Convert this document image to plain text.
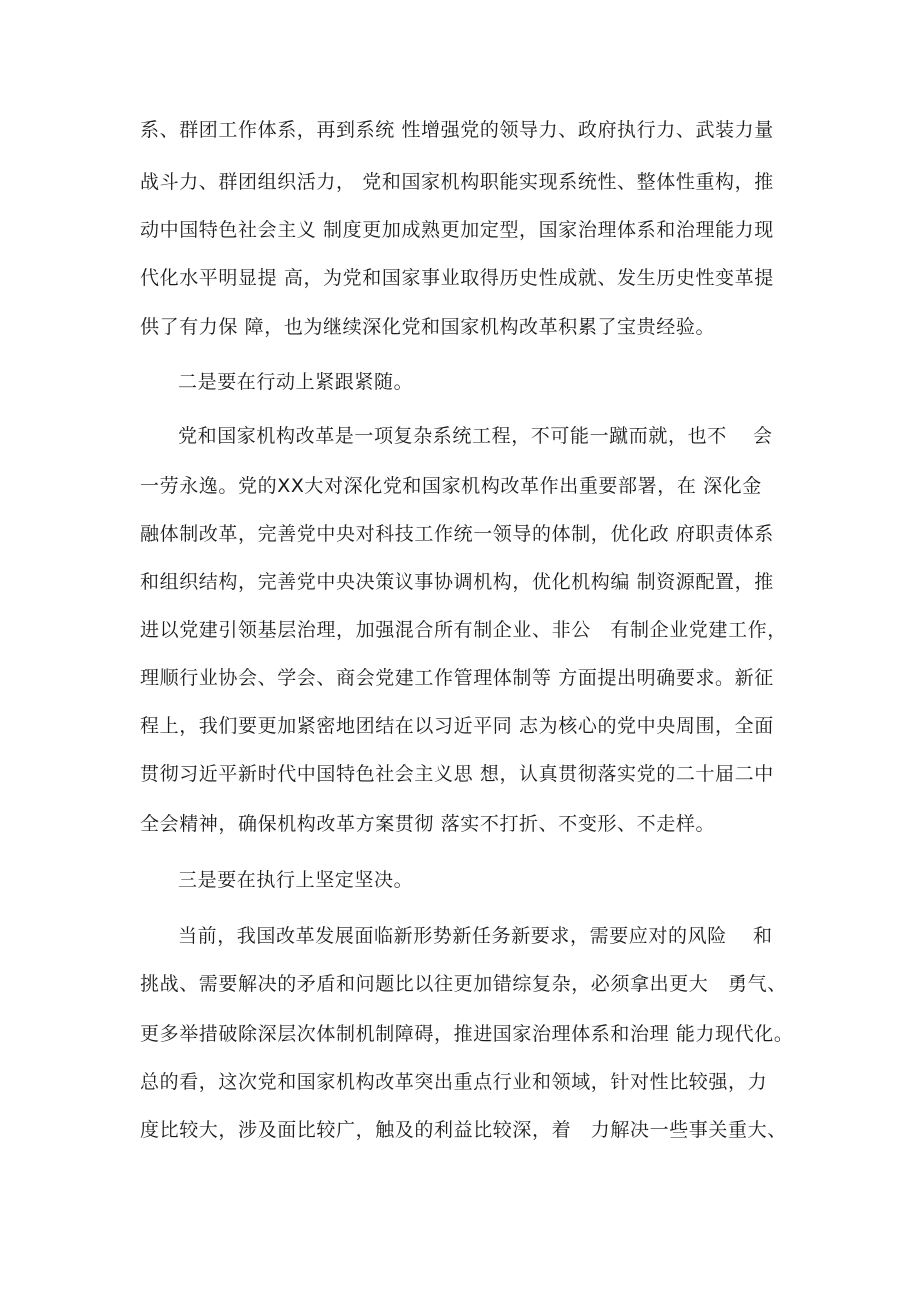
系、群团工作体系，再到系统 性增强党的领导力、政府执行力、武装力量
战斗力、群团组织活力， 党和国家机构职能实现系统性、整体性重构，推
动中国特色社会主义 制度更加成熟更加定型，国家治理体系和治理能力现
代化水平明显提 高，为党和国家事业取得历史性成就、发生历史性变革提
供了有力保 障，也为继续深化党和国家机构改革积累了宝贵经验。
二是要在行动上紧跟紧随。
党和国家机构改革是一项复杂系统工程，不可能一蹴而就，也不　 会
一劳永逸。党的XX大对深化党和国家机构改革作出重要部署，在 深化金
融体制改革，完善党中央对科技工作统一领导的体制，优化政 府职责体系
和组织结构，完善党中央决策议事协调机构，优化机构编 制资源配置，推
进以党建引领基层治理，加强混合所有制企业、非公　有制企业党建工作，
理顺行业协会、学会、商会党建工作管理体制等 方面提出明确要求。新征
程上，我们要更加紧密地团结在以习近平同 志为核心的党中央周围，全面
贯彻习近平新时代中国特色社会主义思 想，认真贯彻落实党的二十届二中
全会精神，确保机构改革方案贯彻 落实不打折、不变形、不走样。
三是要在执行上坚定坚决。
当前，我国改革发展面临新形势新任务新要求，需要应对的风险　 和
挑战、需要解决的矛盾和问题比以往更加错综复杂，必须拿出更大　勇气、
更多举措破除深层次体制机制障碍，推进国家治理体系和治理 能力现代化。
总的看，这次党和国家机构改革突出重点行业和领域，针对性比较强，力
度比较大，涉及面比较广，触及的利益比较深，着　力解决一些事关重大、
